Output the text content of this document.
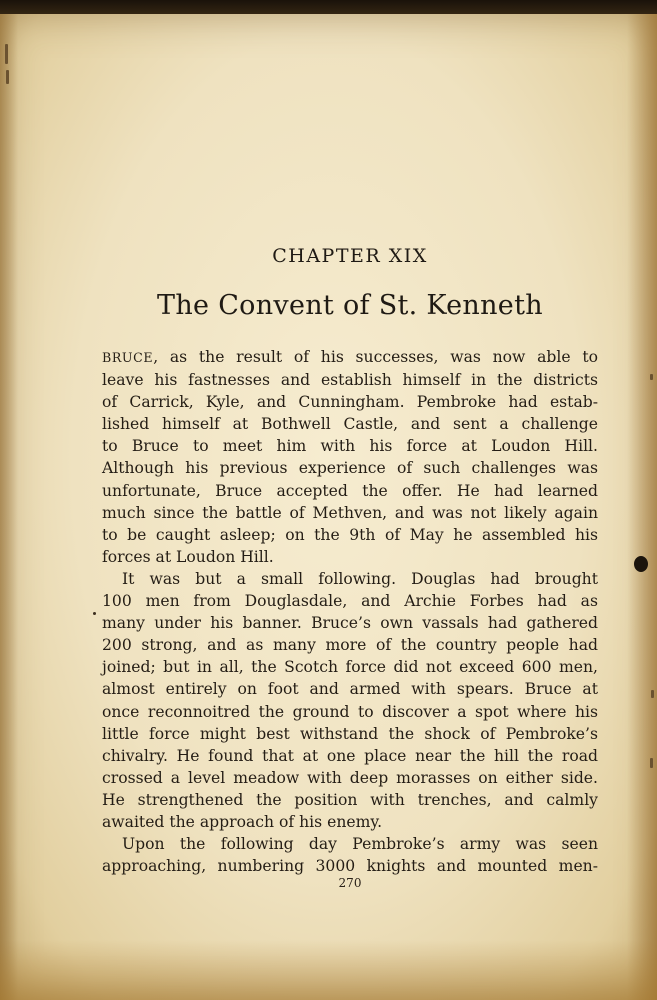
CHAPTER XIX
The Convent of St. Kenneth
BRUCE, as the result of his successes, was now able to
leave his fastnesses and establish himself in the districts
of Carrick, Kyle, and Cunningham. Pembroke had estab-
lished himself at Bothwell Castle, and sent a challenge
to Bruce to meet him with his force at Loudon Hill.
Although his previous experience of such challenges was
unfortunate, Bruce accepted the offer. He had learned
much since the battle of Methven, and was not likely again
to be caught asleep; on the 9th of May he assembled his
forces at Loudon Hill.
It was but a small following. Douglas had brought
100 men from Douglasdale, and Archie Forbes had as
many under his banner. Bruce’s own vassals had gathered
200 strong, and as many more of the country people had
joined; but in all, the Scotch force did not exceed 600 men,
almost entirely on foot and armed with spears. Bruce at
once reconnoitred the ground to discover a spot where his
little force might best withstand the shock of Pembroke’s
chivalry. He found that at one place near the hill the road
crossed a level meadow with deep morasses on either side.
He strengthened the position with trenches, and calmly
awaited the approach of his enemy.
Upon the following day Pembroke’s army was seen
approaching, numbering 3000 knights and mounted men-
270
